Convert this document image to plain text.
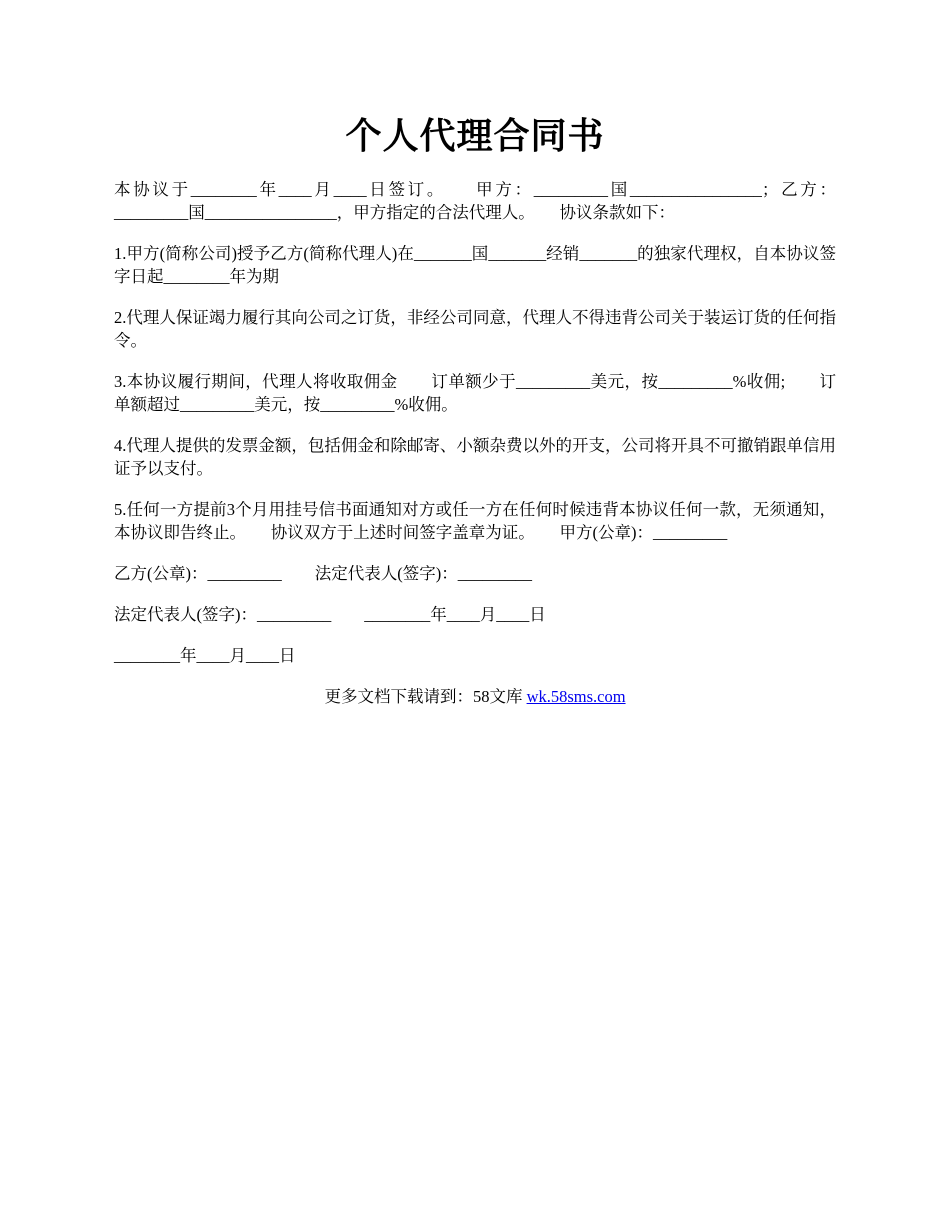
个人代理合同书

本协议于________年____月____日签订。　　甲方：_________国________________；乙方：_________国________________，甲方指定的合法代理人。　　协议条款如下：

1.甲方(简称公司)授予乙方(简称代理人)在_______国_______经销_______的独家代理权，自本协议签字日起________年为期

2.代理人保证竭力履行其向公司之订货，非经公司同意，代理人不得违背公司关于装运订货的任何指令。

3.本协议履行期间，代理人将收取佣金　　订单额少于_________美元，按_________%收佣;　　订单额超过_________美元，按_________%收佣。

4.代理人提供的发票金额，包括佣金和除邮寄、小额杂费以外的开支，公司将开具不可撤销跟单信用证予以支付。

5.任何一方提前3个月用挂号信书面通知对方或任一方在任何时候违背本协议任何一款，无须通知，本协议即告终止。　　协议双方于上述时间签字盖章为证。　　甲方(公章)：_________

乙方(公章)：_________　　法定代表人(签字)：_________

法定代表人(签字)：_________　　________年____月____日

________年____月____日

更多文档下载请到：58文库 wk.58sms.com
